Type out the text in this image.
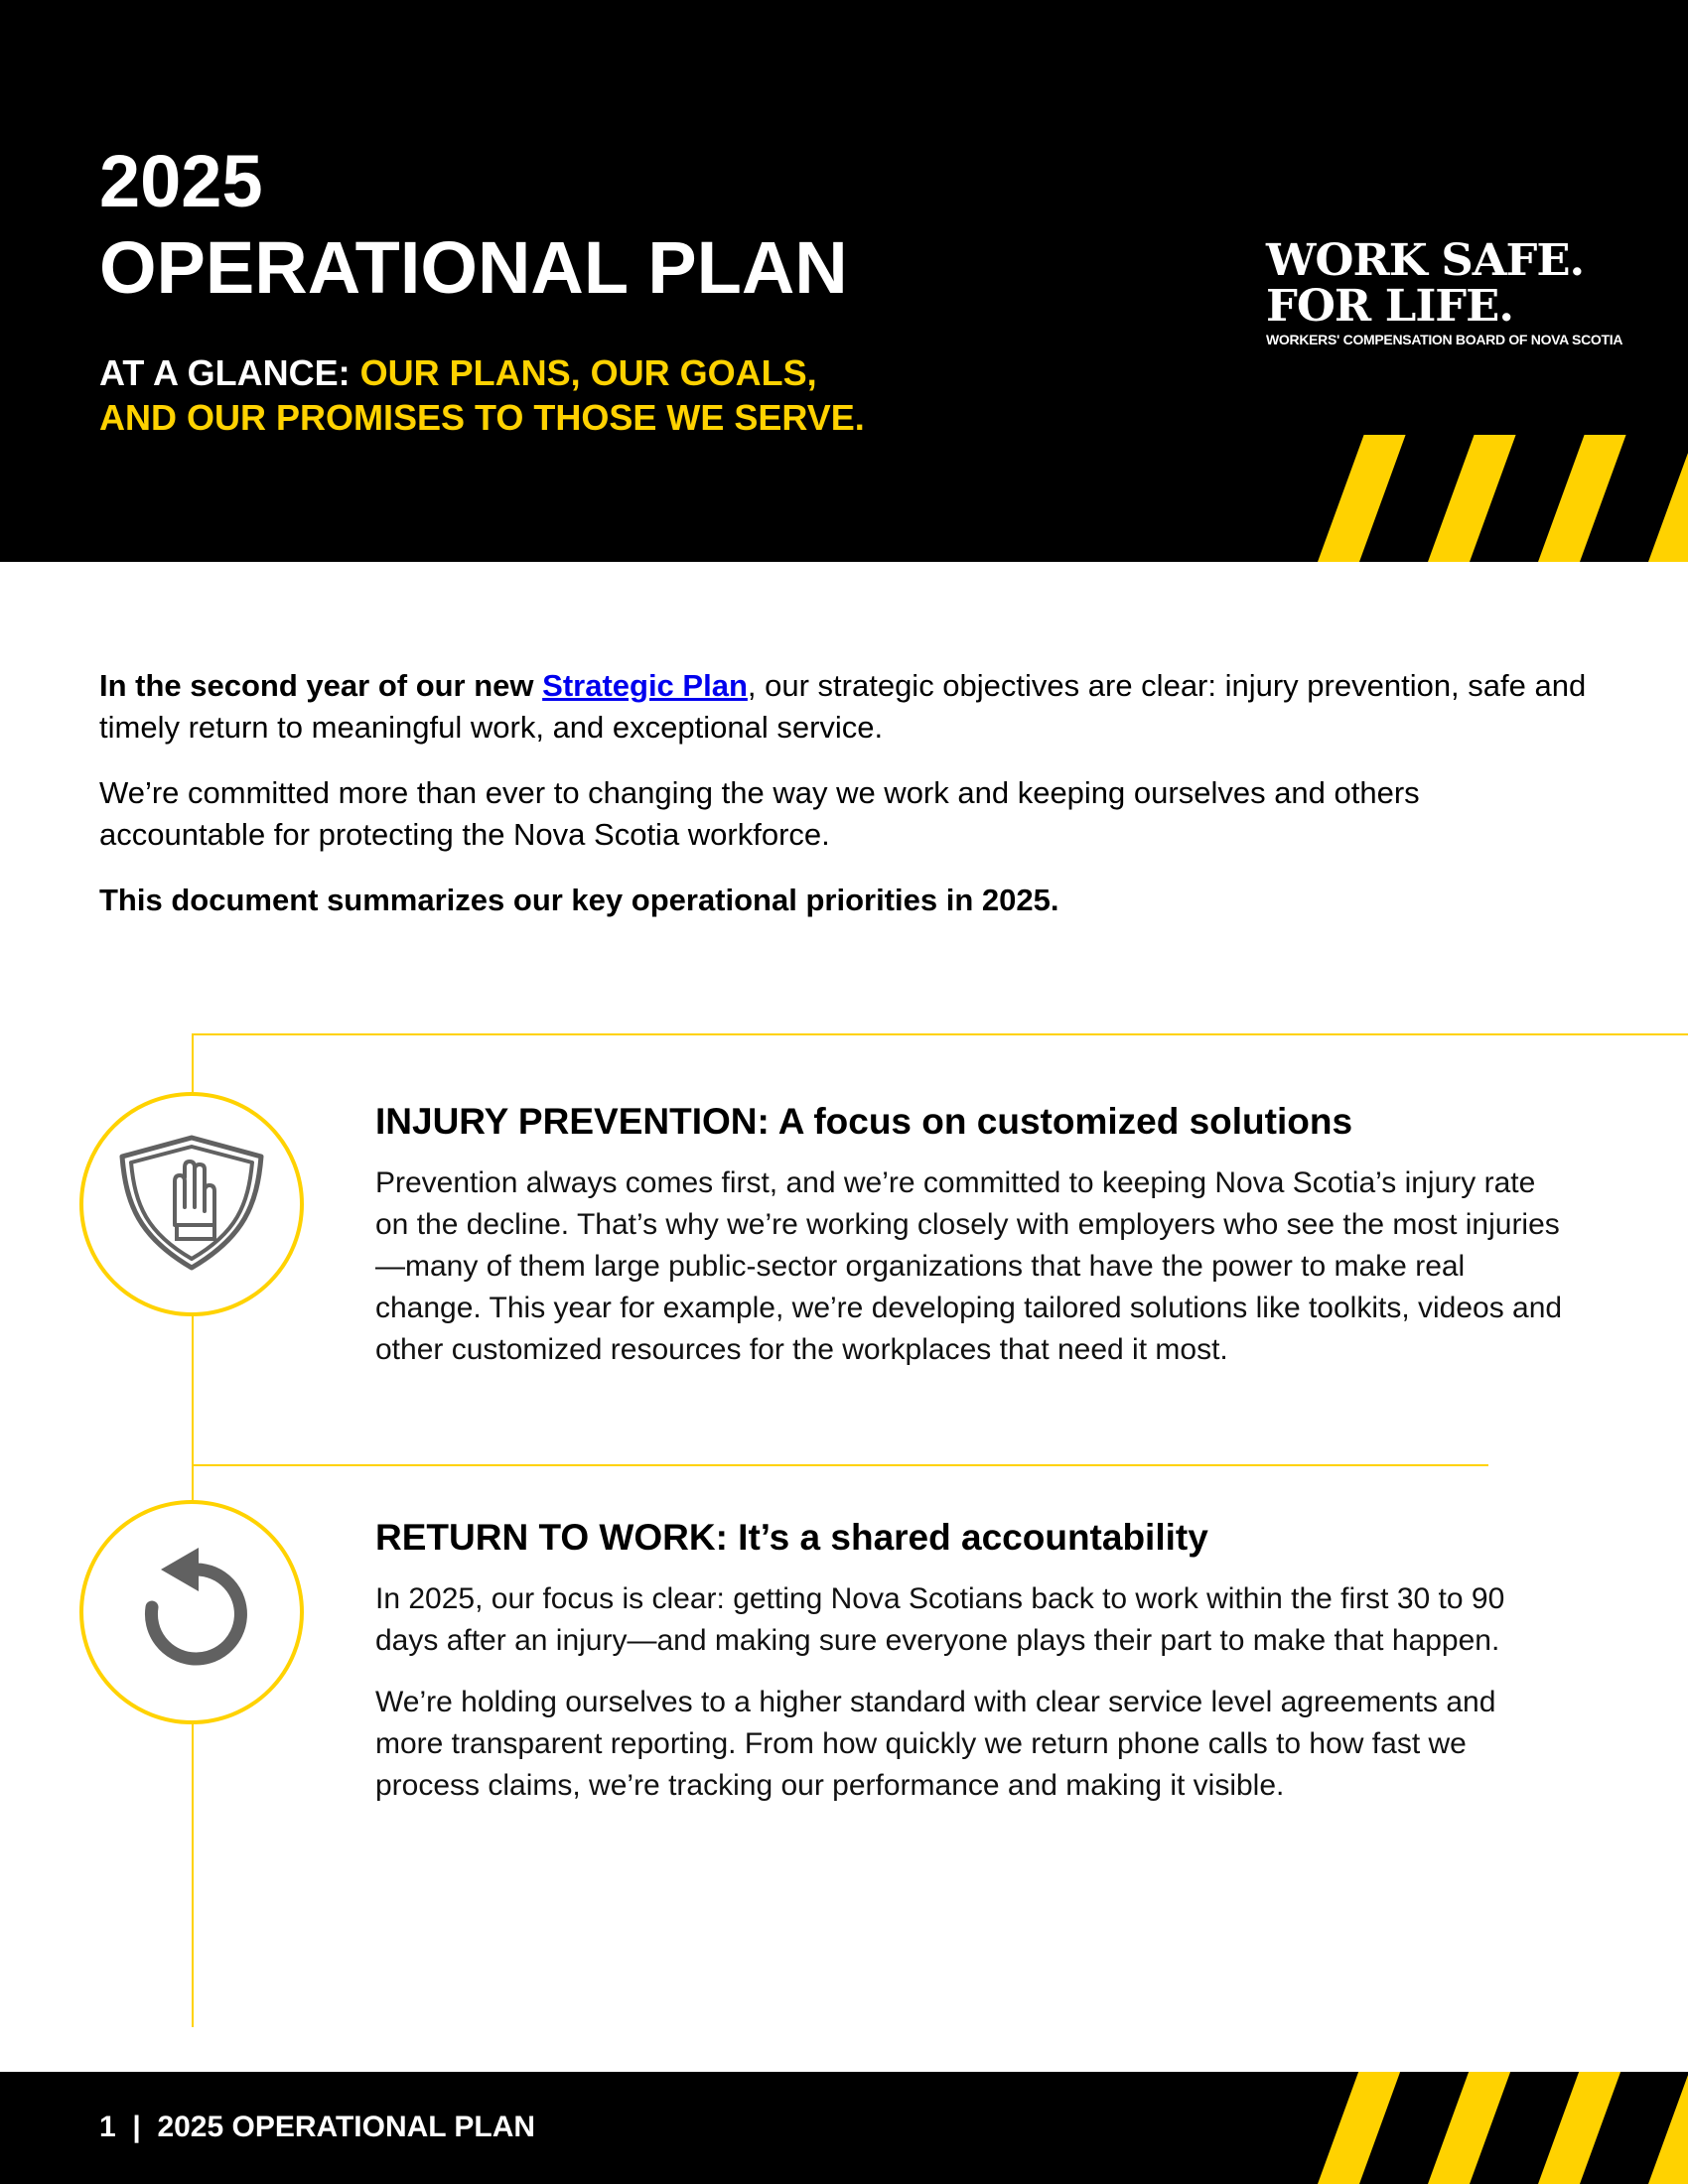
2025
OPERATIONAL PLAN
AT A GLANCE: OUR PLANS, OUR GOALS,
AND OUR PROMISES TO THOSE WE SERVE.
WORK SAFE.
FOR LIFE.
WORKERS' COMPENSATION BOARD OF NOVA SCOTIA

In the second year of our new Strategic Plan, our strategic objectives are clear: injury prevention, safe and timely return to meaningful work, and exceptional service.

We’re committed more than ever to changing the way we work and keeping ourselves and others accountable for protecting the Nova Scotia workforce.

This document summarizes our key operational priorities in 2025.

INJURY PREVENTION: A focus on customized solutions

Prevention always comes first, and we’re committed to keeping Nova Scotia’s injury rate on the decline. That’s why we’re working closely with employers who see the most injuries—many of them large public-sector organizations that have the power to make real change. This year for example, we’re developing tailored solutions like toolkits, videos and other customized resources for the workplaces that need it most.

RETURN TO WORK: It’s a shared accountability

In 2025, our focus is clear: getting Nova Scotians back to work within the first 30 to 90 days after an injury—and making sure everyone plays their part to make that happen.

We’re holding ourselves to a higher standard with clear service level agreements and more transparent reporting. From how quickly we return phone calls to how fast we process claims, we’re tracking our performance and making it visible.

1 | 2025 OPERATIONAL PLAN
